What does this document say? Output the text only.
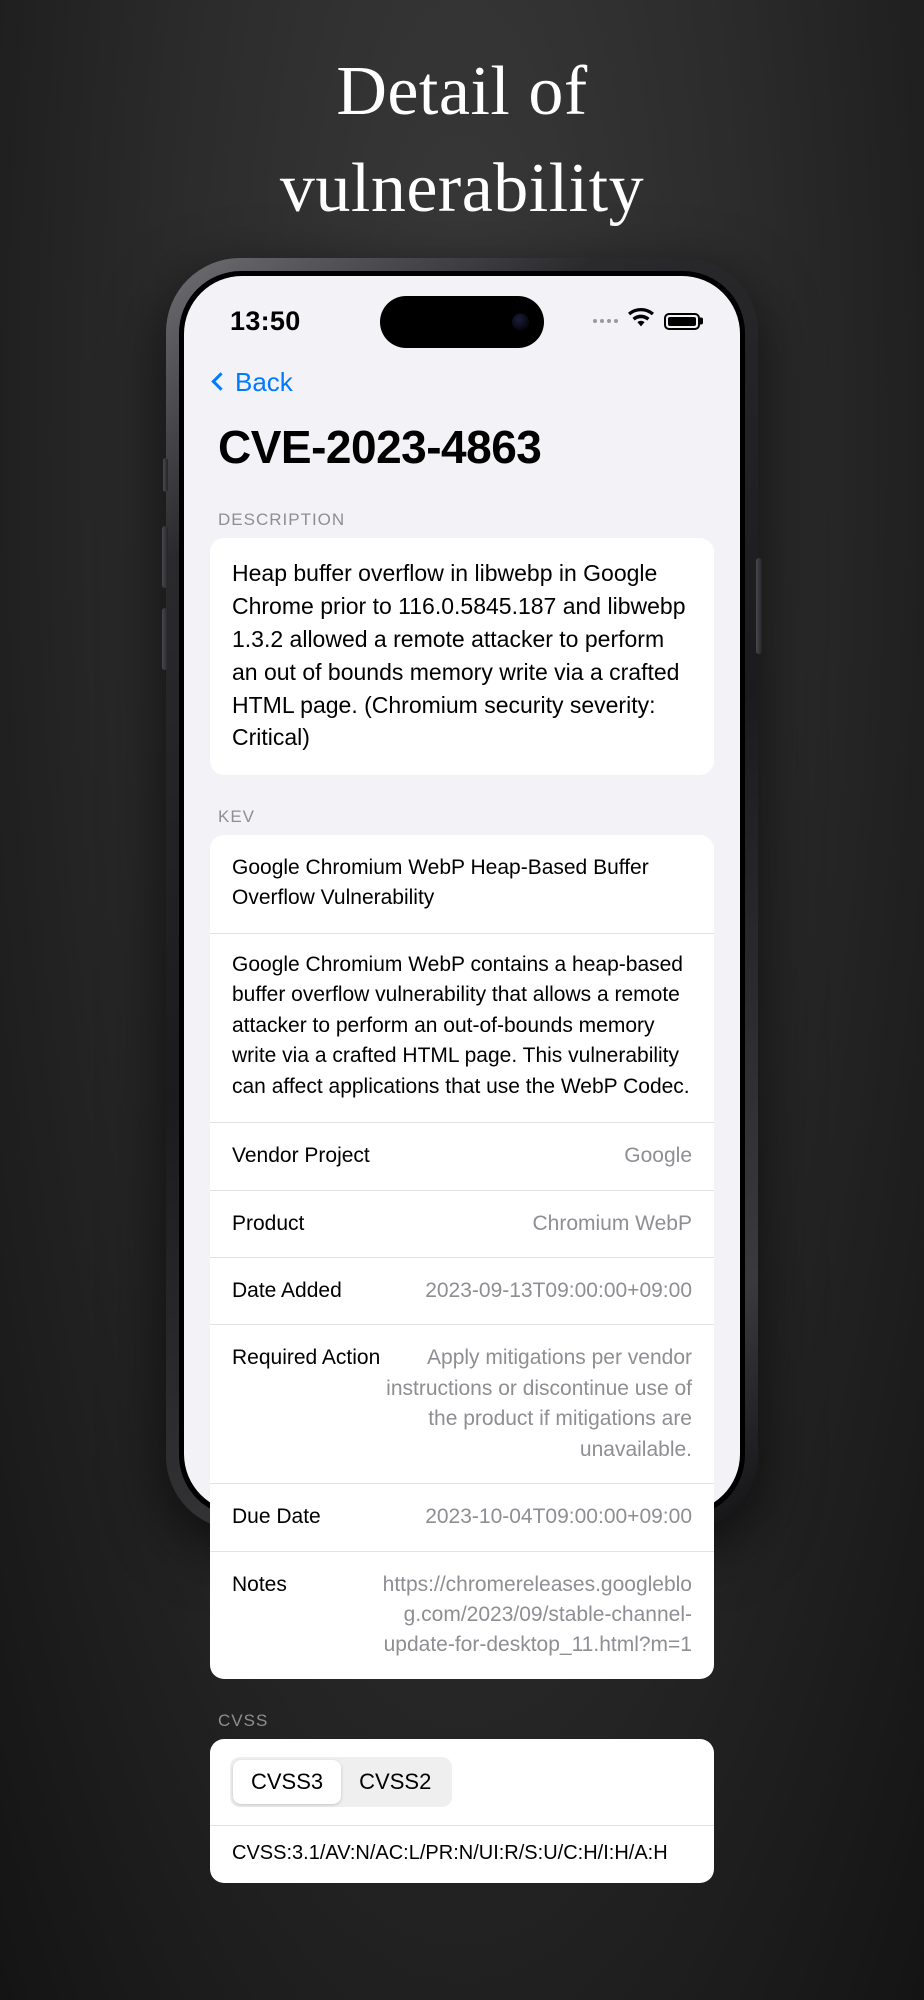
Detail of
vulnerability
13:50
Back
CVE-2023-4863
DESCRIPTION
Heap buffer overflow in libwebp in Google Chrome prior to 116.0.5845.187 and libwebp 1.3.2 allowed a remote attacker to perform an out of bounds memory write via a crafted HTML page. (Chromium security severity: Critical)
KEV
Google Chromium WebP Heap-Based Buffer Overflow Vulnerability
Google Chromium WebP contains a heap-based buffer overflow vulnerability that allows a remote attacker to perform an out-of-bounds memory write via a crafted HTML page. This vulnerability can affect applications that use the WebP Codec.
Vendor Project	Google
Product	Chromium WebP
Date Added	2023-09-13T09:00:00+09:00
Required Action	Apply mitigations per vendor instructions or discontinue use of the product if mitigations are unavailable.
Due Date	2023-10-04T09:00:00+09:00
Notes	https://chromereleases.googleblog.com/2023/09/stable-channel-update-for-desktop_11.html?m=1
CVSS
CVSS3	CVSS2
CVSS:3.1/AV:N/AC:L/PR:N/UI:R/S:U/C:H/I:H/A:H
